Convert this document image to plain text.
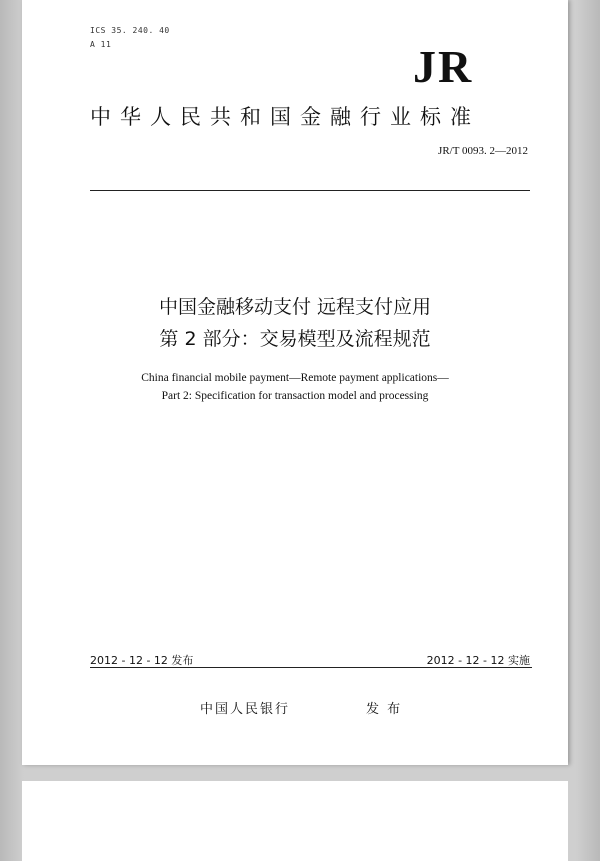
ICS 35. 240. 40
A 11	JR
中华人民共和国金融行业标准
JR/T 0093. 2—2012
中国金融移动支付 远程支付应用
第 2 部分：交易模型及流程规范
China financial mobile payment—Remote payment applications—
Part 2: Specification for transaction model and processing
2012 - 12 - 12 发布	2012 - 12 - 12 实施
中国人民银行	发 布
